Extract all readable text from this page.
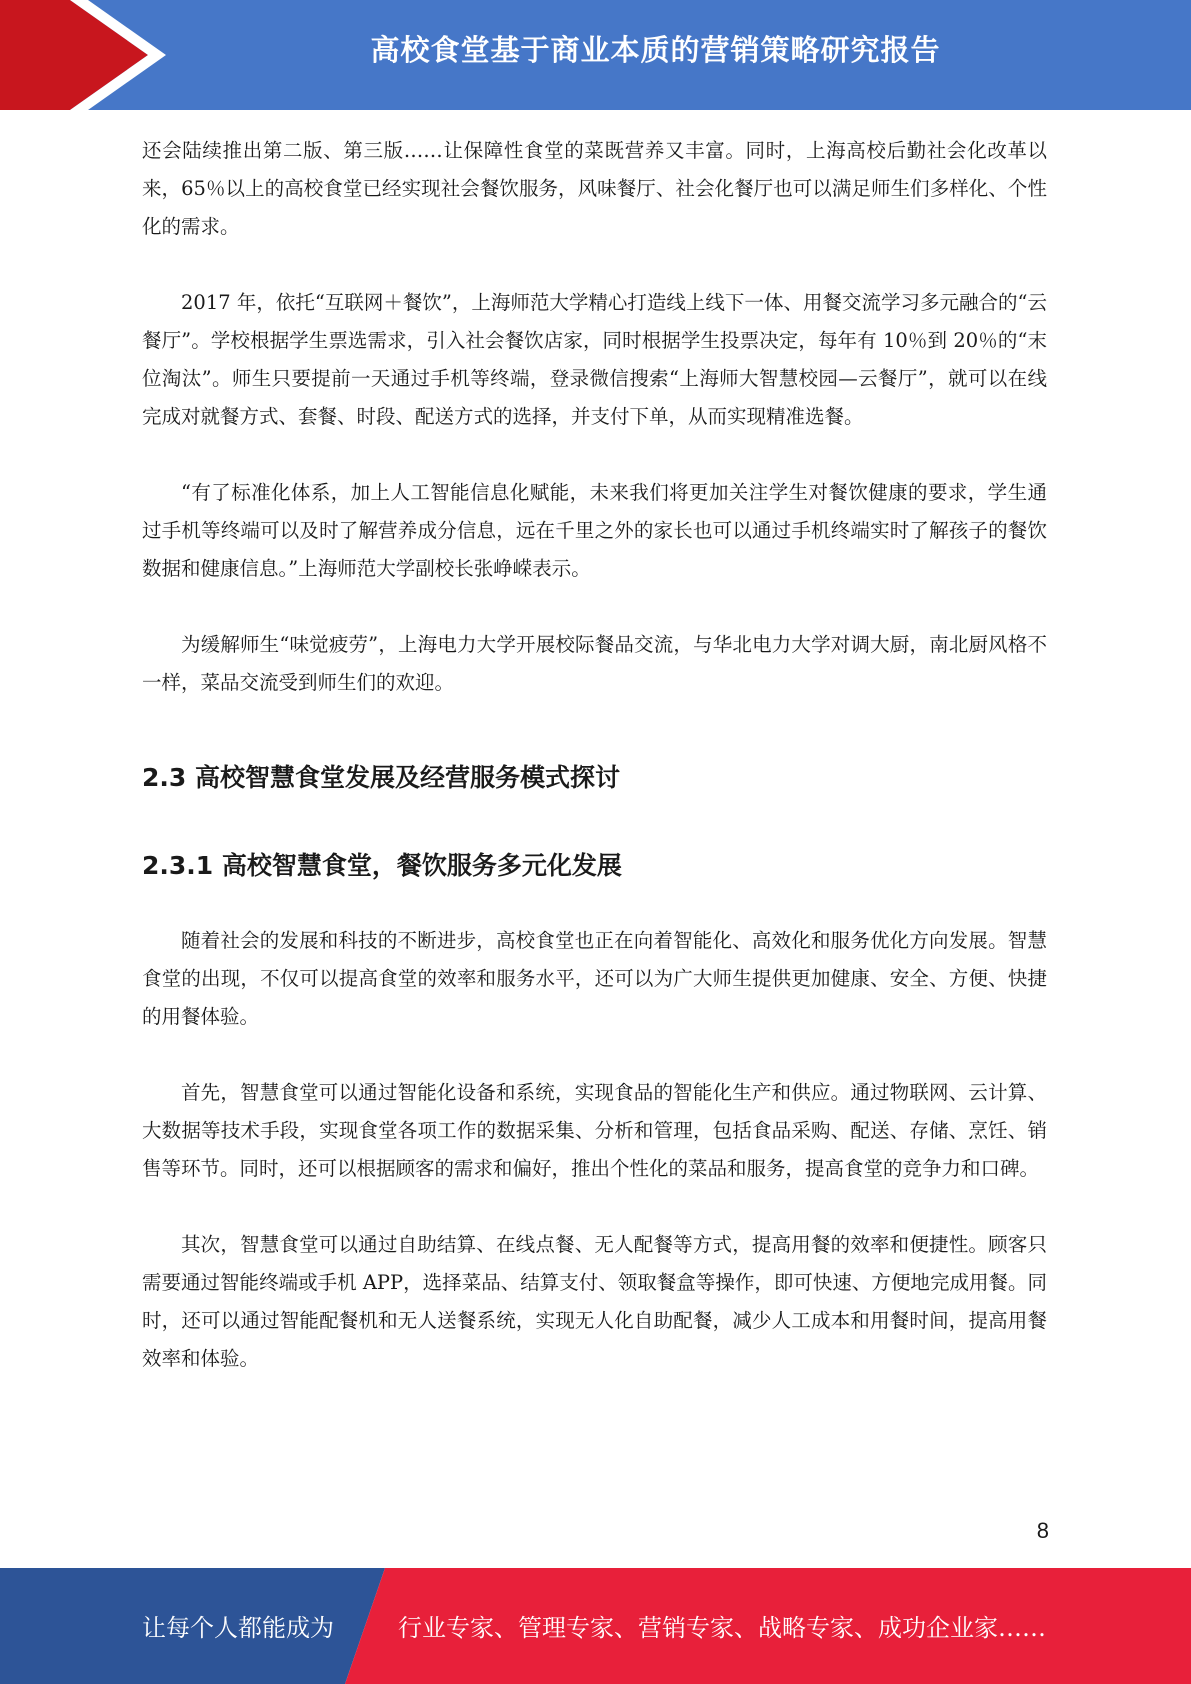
高校食堂基于商业本质的营销策略研究报告

还会陆续推出第二版、第三版……让保障性食堂的菜既营养又丰富。同时，上海高校后勤社会化改革以来，65％以上的高校食堂已经实现社会餐饮服务，风味餐厅、社会化餐厅也可以满足师生们多样化、个性化的需求。

2017 年，依托“互联网＋餐饮”，上海师范大学精心打造线上线下一体、用餐交流学习多元融合的“云餐厅”。学校根据学生票选需求，引入社会餐饮店家，同时根据学生投票决定，每年有 10％到 20％的“末位淘汰”。师生只要提前一天通过手机等终端，登录微信搜索“上海师大智慧校园—云餐厅”，就可以在线完成对就餐方式、套餐、时段、配送方式的选择，并支付下单，从而实现精准选餐。

“有了标准化体系，加上人工智能信息化赋能，未来我们将更加关注学生对餐饮健康的要求，学生通过手机等终端可以及时了解营养成分信息，远在千里之外的家长也可以通过手机终端实时了解孩子的餐饮数据和健康信息。”上海师范大学副校长张峥嵘表示。

为缓解师生“味觉疲劳”，上海电力大学开展校际餐品交流，与华北电力大学对调大厨，南北厨风格不一样，菜品交流受到师生们的欢迎。

2.3 高校智慧食堂发展及经营服务模式探讨
2.3.1 高校智慧食堂，餐饮服务多元化发展

随着社会的发展和科技的不断进步，高校食堂也正在向着智能化、高效化和服务优化方向发展。智慧食堂的出现，不仅可以提高食堂的效率和服务水平，还可以为广大师生提供更加健康、安全、方便、快捷的用餐体验。

首先，智慧食堂可以通过智能化设备和系统，实现食品的智能化生产和供应。通过物联网、云计算、大数据等技术手段，实现食堂各项工作的数据采集、分析和管理，包括食品采购、配送、存储、烹饪、销售等环节。同时，还可以根据顾客的需求和偏好，推出个性化的菜品和服务，提高食堂的竞争力和口碑。

其次，智慧食堂可以通过自助结算、在线点餐、无人配餐等方式，提高用餐的效率和便捷性。顾客只需要通过智能终端或手机 APP，选择菜品、结算支付、领取餐盒等操作，即可快速、方便地完成用餐。同时，还可以通过智能配餐机和无人送餐系统，实现无人化自助配餐，减少人工成本和用餐时间，提高用餐效率和体验。

8
让每个人都能成为	行业专家、管理专家、营销专家、战略专家、成功企业家……
